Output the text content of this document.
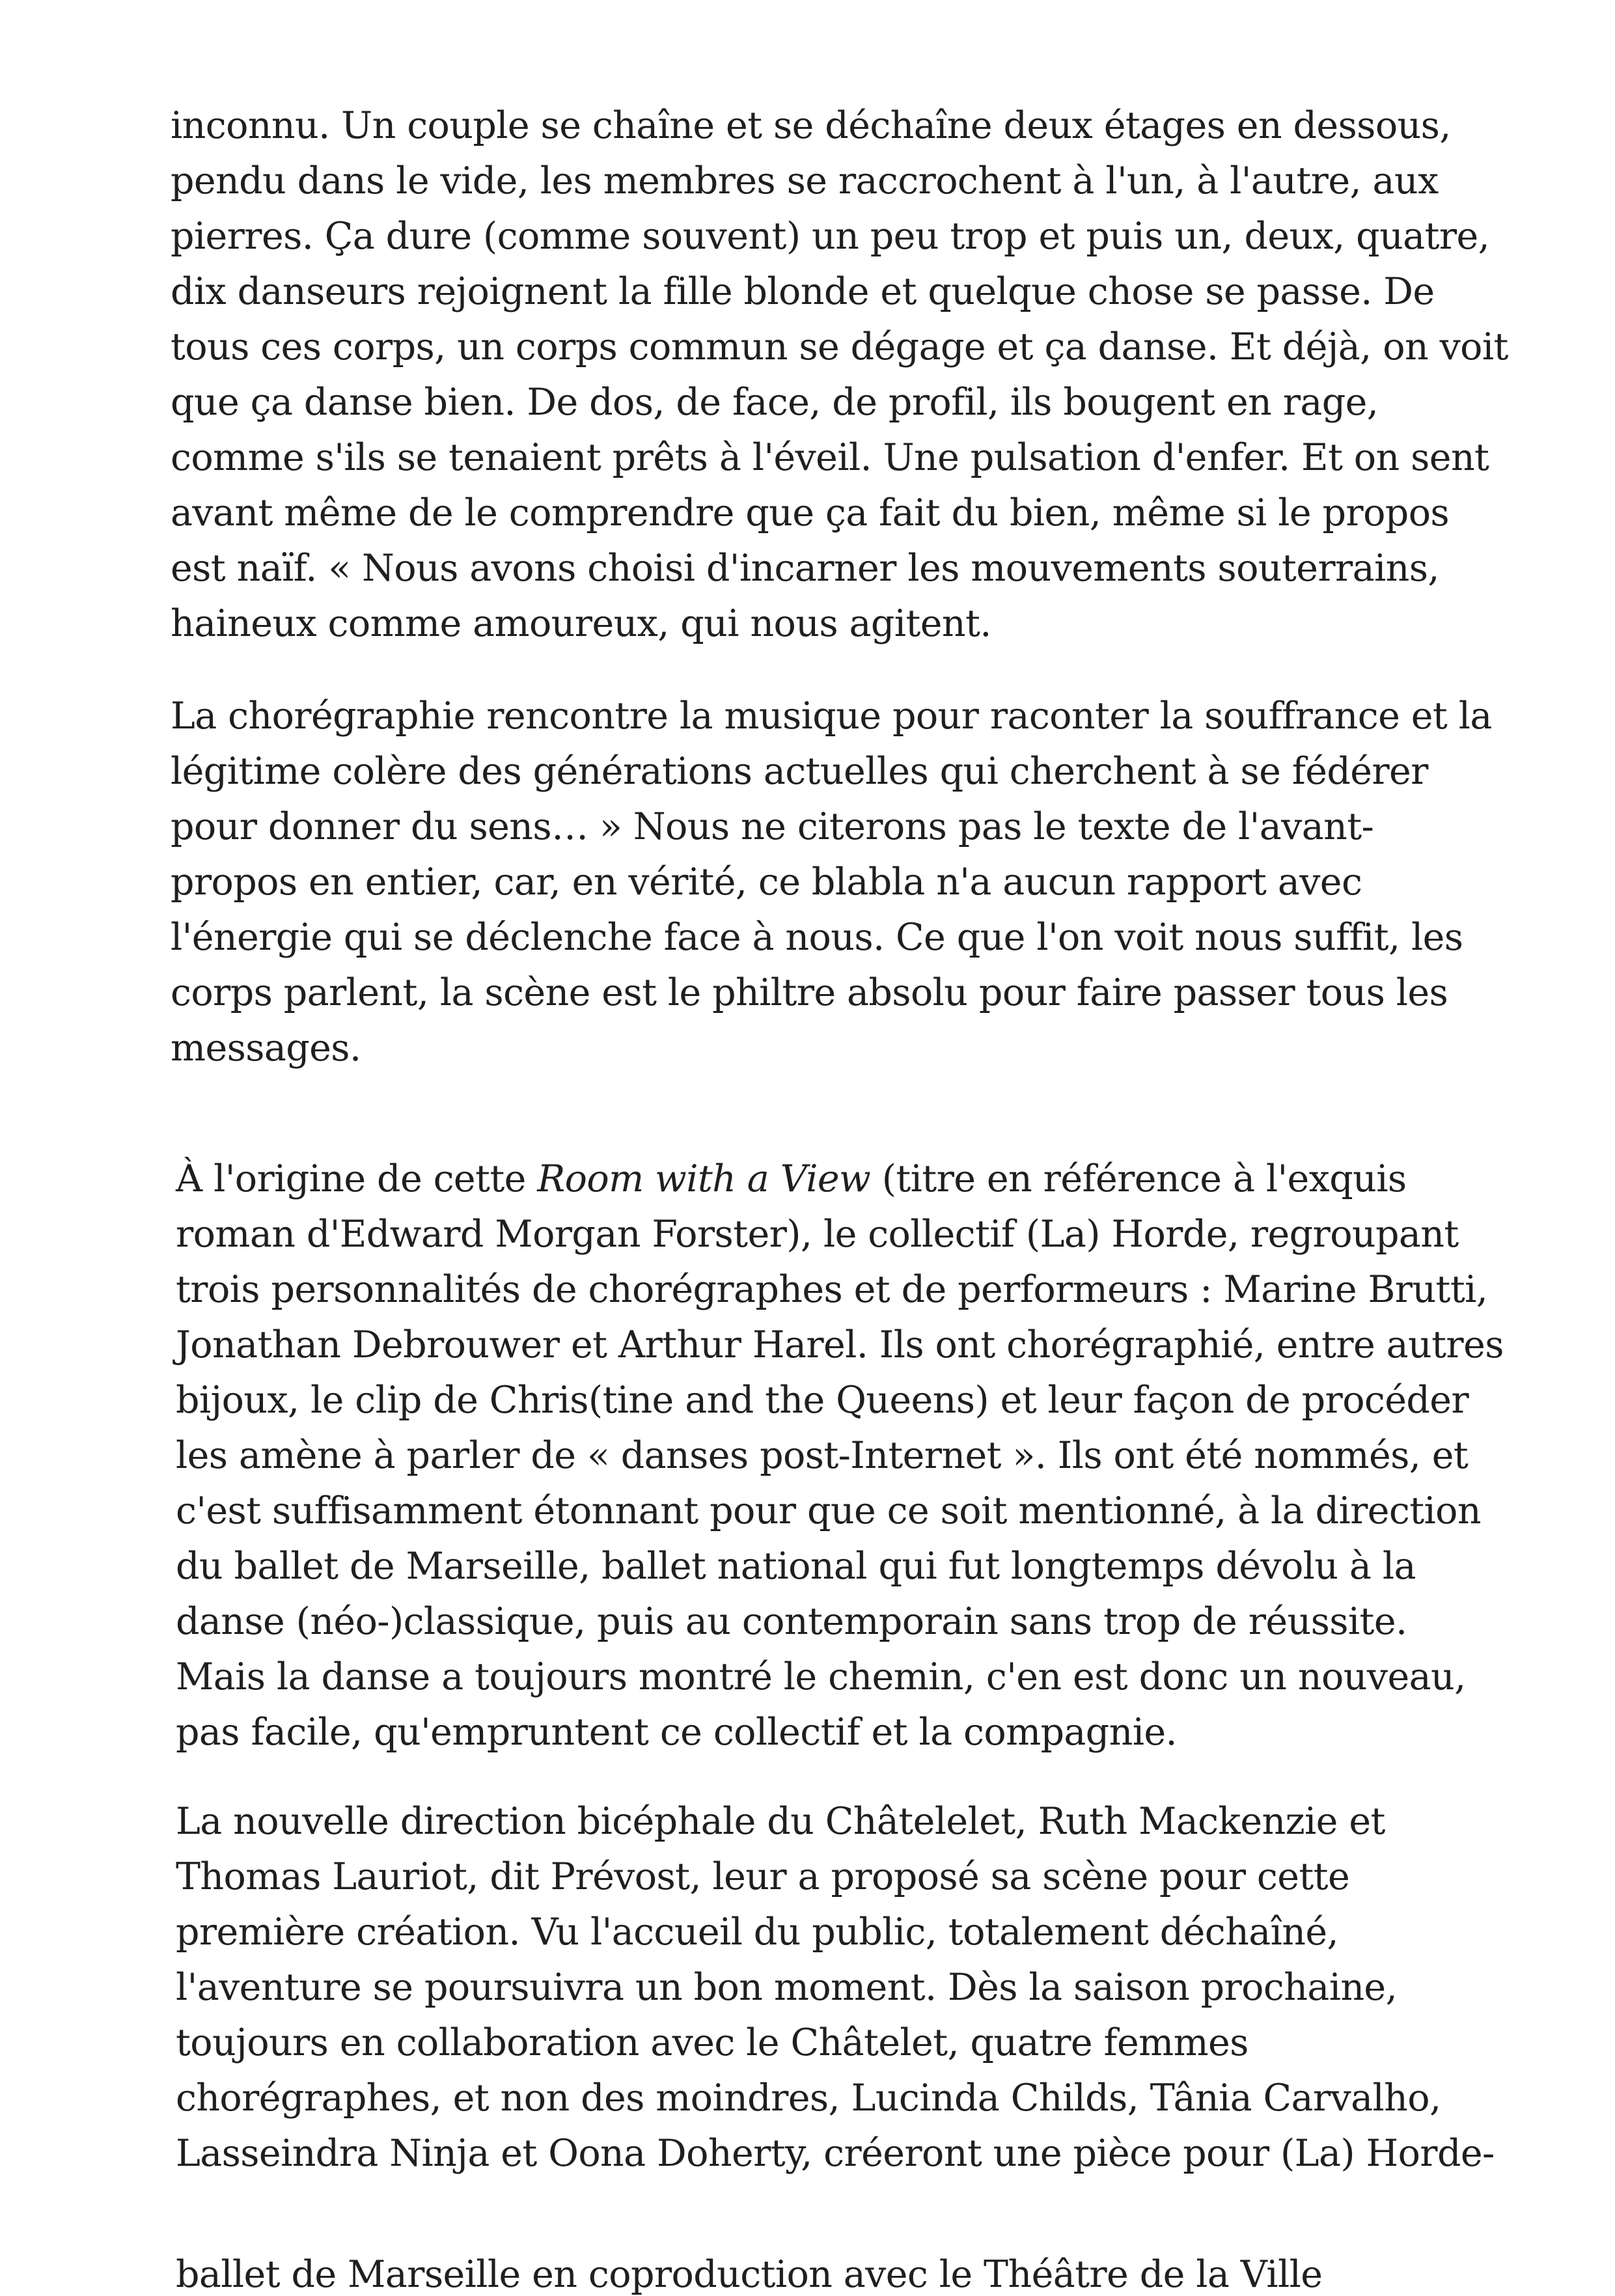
inconnu. Un couple se chaîne et se déchaîne deux étages en dessous,

pendu dans le vide, les membres se raccrochent à l'un, à l'autre, aux

pierres. Ça dure (comme souvent) un peu trop et puis un, deux, quatre,

dix danseurs rejoignent la fille blonde et quelque chose se passe. De

tous ces corps, un corps commun se dégage et ça danse. Et déjà, on voit

que ça danse bien. De dos, de face, de profil, ils bougent en rage,

comme s'ils se tenaient prêts à l'éveil. Une pulsation d'enfer. Et on sent

avant même de le comprendre que ça fait du bien, même si le propos

est naïf. « Nous avons choisi d'incarner les mouvements souterrains,

haineux comme amoureux, qui nous agitent.

La chorégraphie rencontre la musique pour raconter la souffrance et la

légitime colère des générations actuelles qui cherchent à se fédérer

pour donner du sens… » Nous ne citerons pas le texte de l'avant-

propos en entier, car, en vérité, ce blabla n'a aucun rapport avec

l'énergie qui se déclenche face à nous. Ce que l'on voit nous suffit, les

corps parlent, la scène est le philtre absolu pour faire passer tous les

messages.

À l'origine de cette Room with a View (titre en référence à l'exquis

roman d'Edward Morgan Forster), le collectif (La) Horde, regroupant

trois personnalités de chorégraphes et de performeurs : Marine Brutti,

Jonathan Debrouwer et Arthur Harel. Ils ont chorégraphié, entre autres

bijoux, le clip de Chris(tine and the Queens) et leur façon de procéder

les amène à parler de « danses post-Internet ». Ils ont été nommés, et

c'est suffisamment étonnant pour que ce soit mentionné, à la direction

du ballet de Marseille, ballet national qui fut longtemps dévolu à la

danse (néo-)classique, puis au contemporain sans trop de réussite.

Mais la danse a toujours montré le chemin, c'en est donc un nouveau,

pas facile, qu'empruntent ce collectif et la compagnie.

La nouvelle direction bicéphale du Châtelelet, Ruth Mackenzie et

Thomas Lauriot, dit Prévost, leur a proposé sa scène pour cette

première création. Vu l'accueil du public, totalement déchaîné,

l'aventure se poursuivra un bon moment. Dès la saison prochaine,

toujours en collaboration avec le Châtelet, quatre femmes

chorégraphes, et non des moindres, Lucinda Childs, Tânia Carvalho,

Lasseindra Ninja et Oona Doherty, créeront une pièce pour (La) Horde-

ballet de Marseille en coproduction avec le Théâtre de la Ville
